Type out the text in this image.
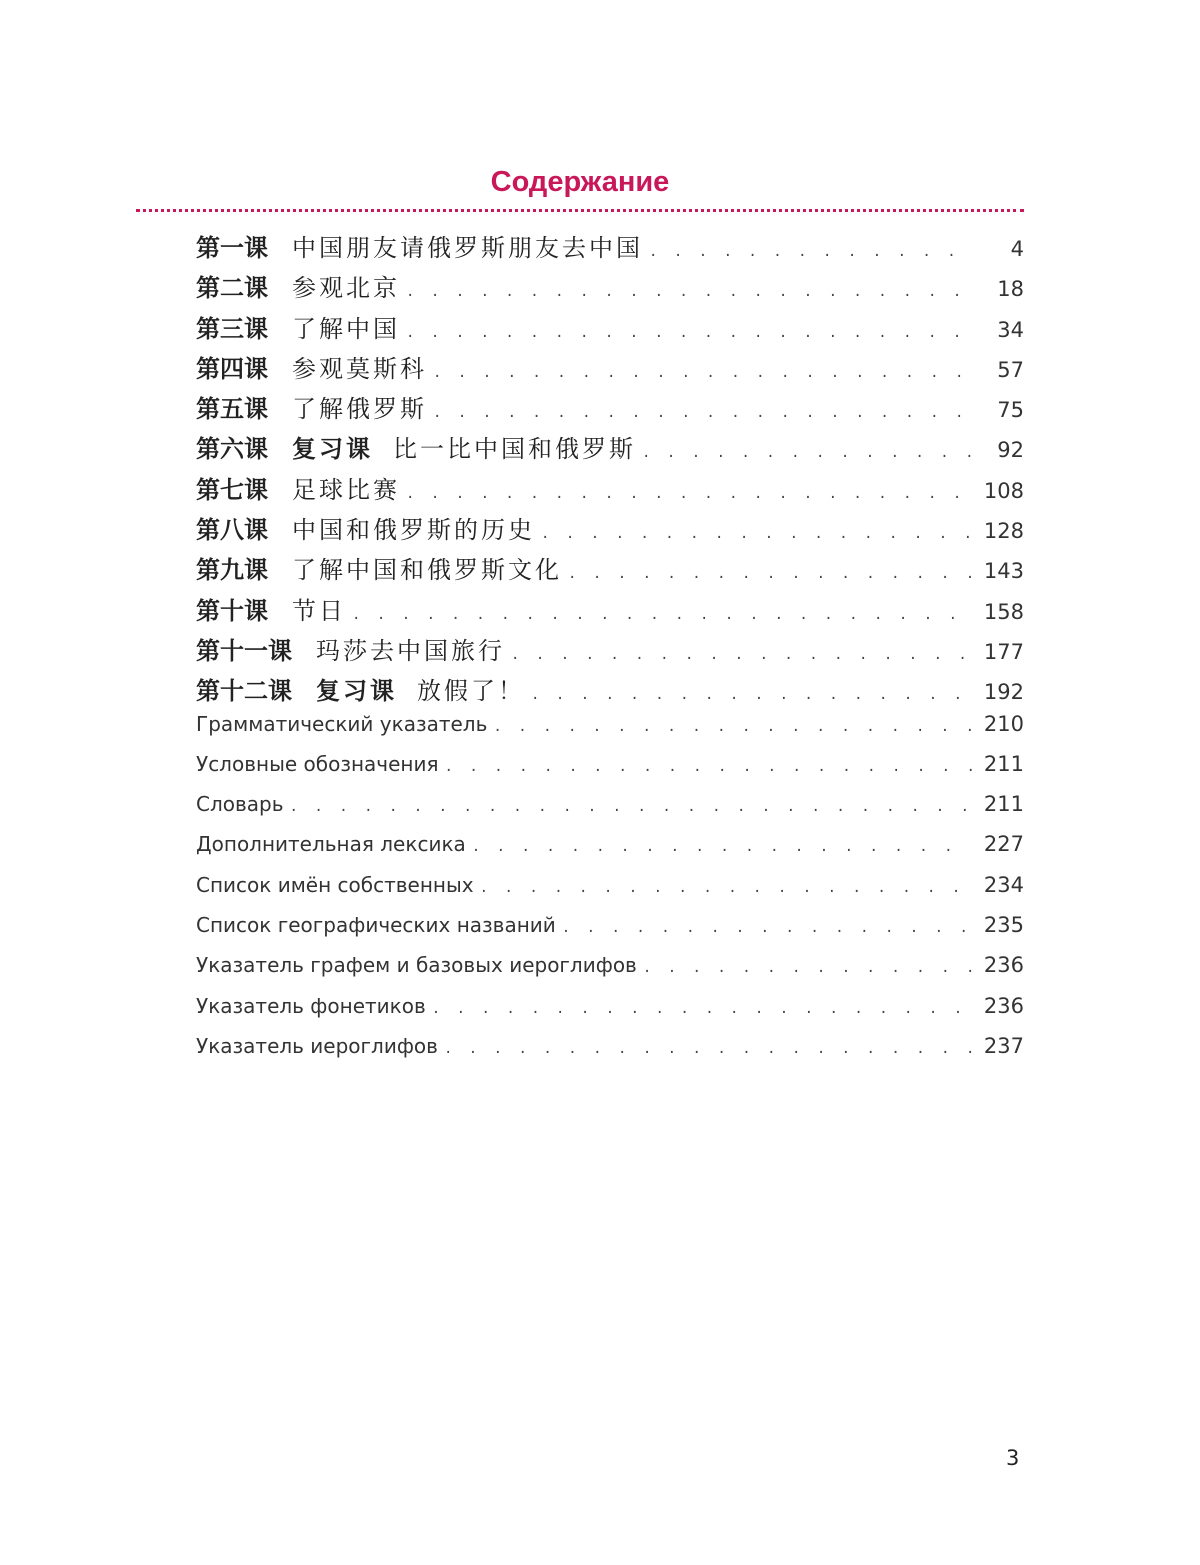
Содержание
第一课 中国朋友请俄罗斯朋友去中国 . . .	4
第二课 参观北京 . . .	18
第三课 了解中国 . . .	34
第四课 参观莫斯科 . . .	57
第五课 了解俄罗斯 . . .	75
第六课 复习课 比一比中国和俄罗斯 . . .	92
第七课 足球比赛 . . .	108
第八课 中国和俄罗斯的历史 . . .	128
第九课 了解中国和俄罗斯文化 . . .	143
第十课 节日 . . .	158
第十一课 玛莎去中国旅行 . . .	177
第十二课 复习课 放假了！ . . .	192
Грамматический указатель . . .	210
Условные обозначения . . .	211
Словарь . . .	211
Дополнительная лексика . . .	227
Список имён собственных . . .	234
Список географических названий . . .	235
Указатель графем и базовых иероглифов . . .	236
Указатель фонетиков . . .	236
Указатель иероглифов . . .	237
3
